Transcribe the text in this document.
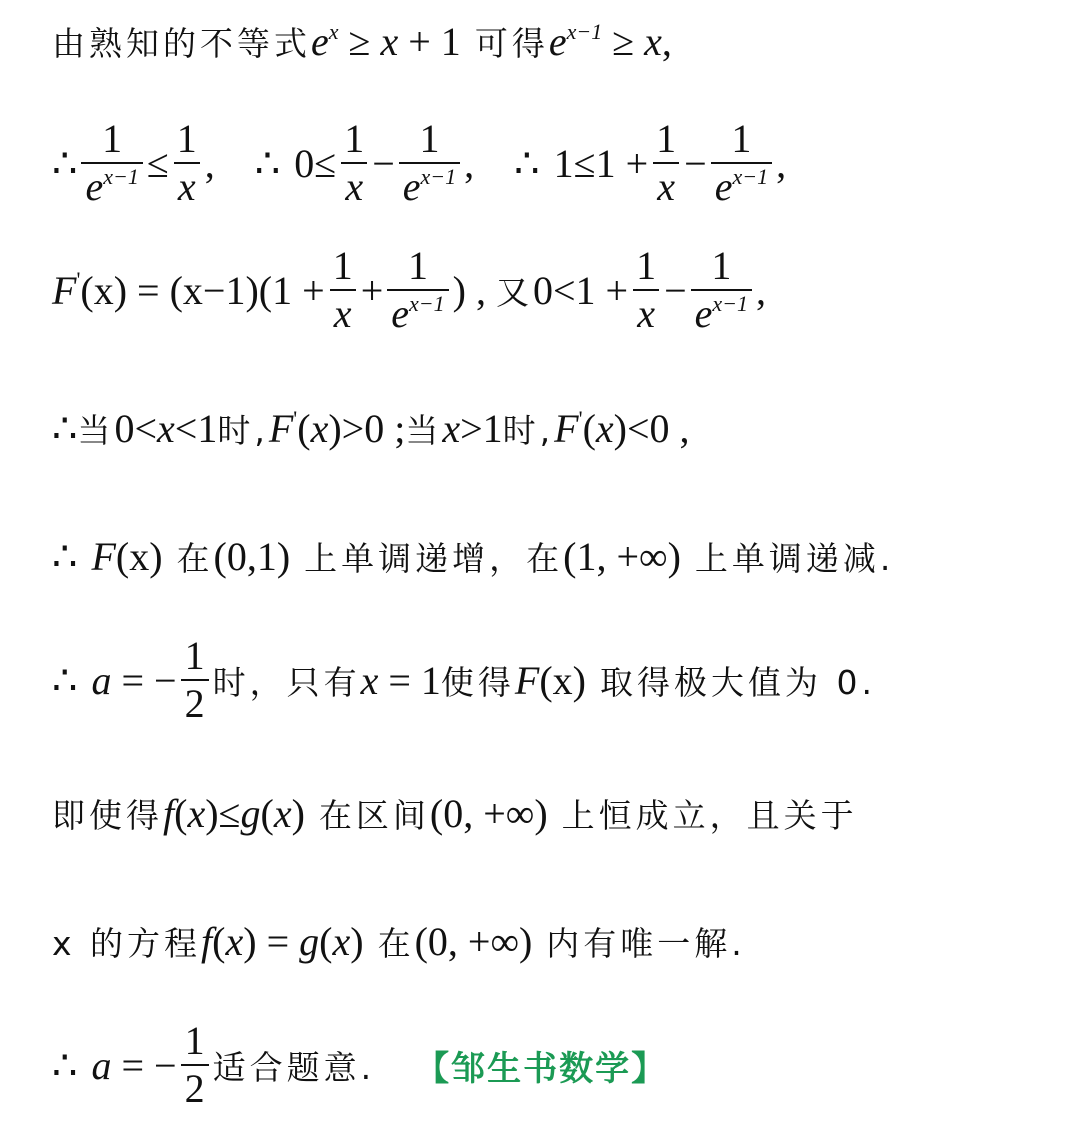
由熟知的不等式 $e^x \ge x + 1$ 可得 $e^{x-1} \ge x$,
∴ $\frac{1}{e^{x-1}} \le \frac{1}{x}$ , ∴ $0\le \frac{1}{x} - \frac{1}{e^{x-1}}$ , ∴ $1\le 1 + \frac{1}{x} - \frac{1}{e^{x-1}}$ ,
$F'(x) = (x-1)(1 + \frac{1}{x} + \frac{1}{e^{x-1}}$ ) , 又 $0<1 + \frac{1}{x} - \frac{1}{e^{x-1}}$ ,
∴ 当 0<x<1 时, F'(x)>0 ; 当 x>1 时, F'(x)<0 ,
∴ F(x) 在 (0,1) 上单调递增，在 (1, +∞) 上单调递减.
∴ a = − $\frac{1}{2}$ 时，只有 x = 1 使得 F(x) 取得极大值为 0.
即使得 f(x)≤g(x) 在区间 (0, +∞) 上恒成立，且关于
x 的方程 f(x) = g(x) 在 (0, +∞) 内有唯一解.
∴ a = − $\frac{1}{2}$ 适合题意. 【邹生书数学】
